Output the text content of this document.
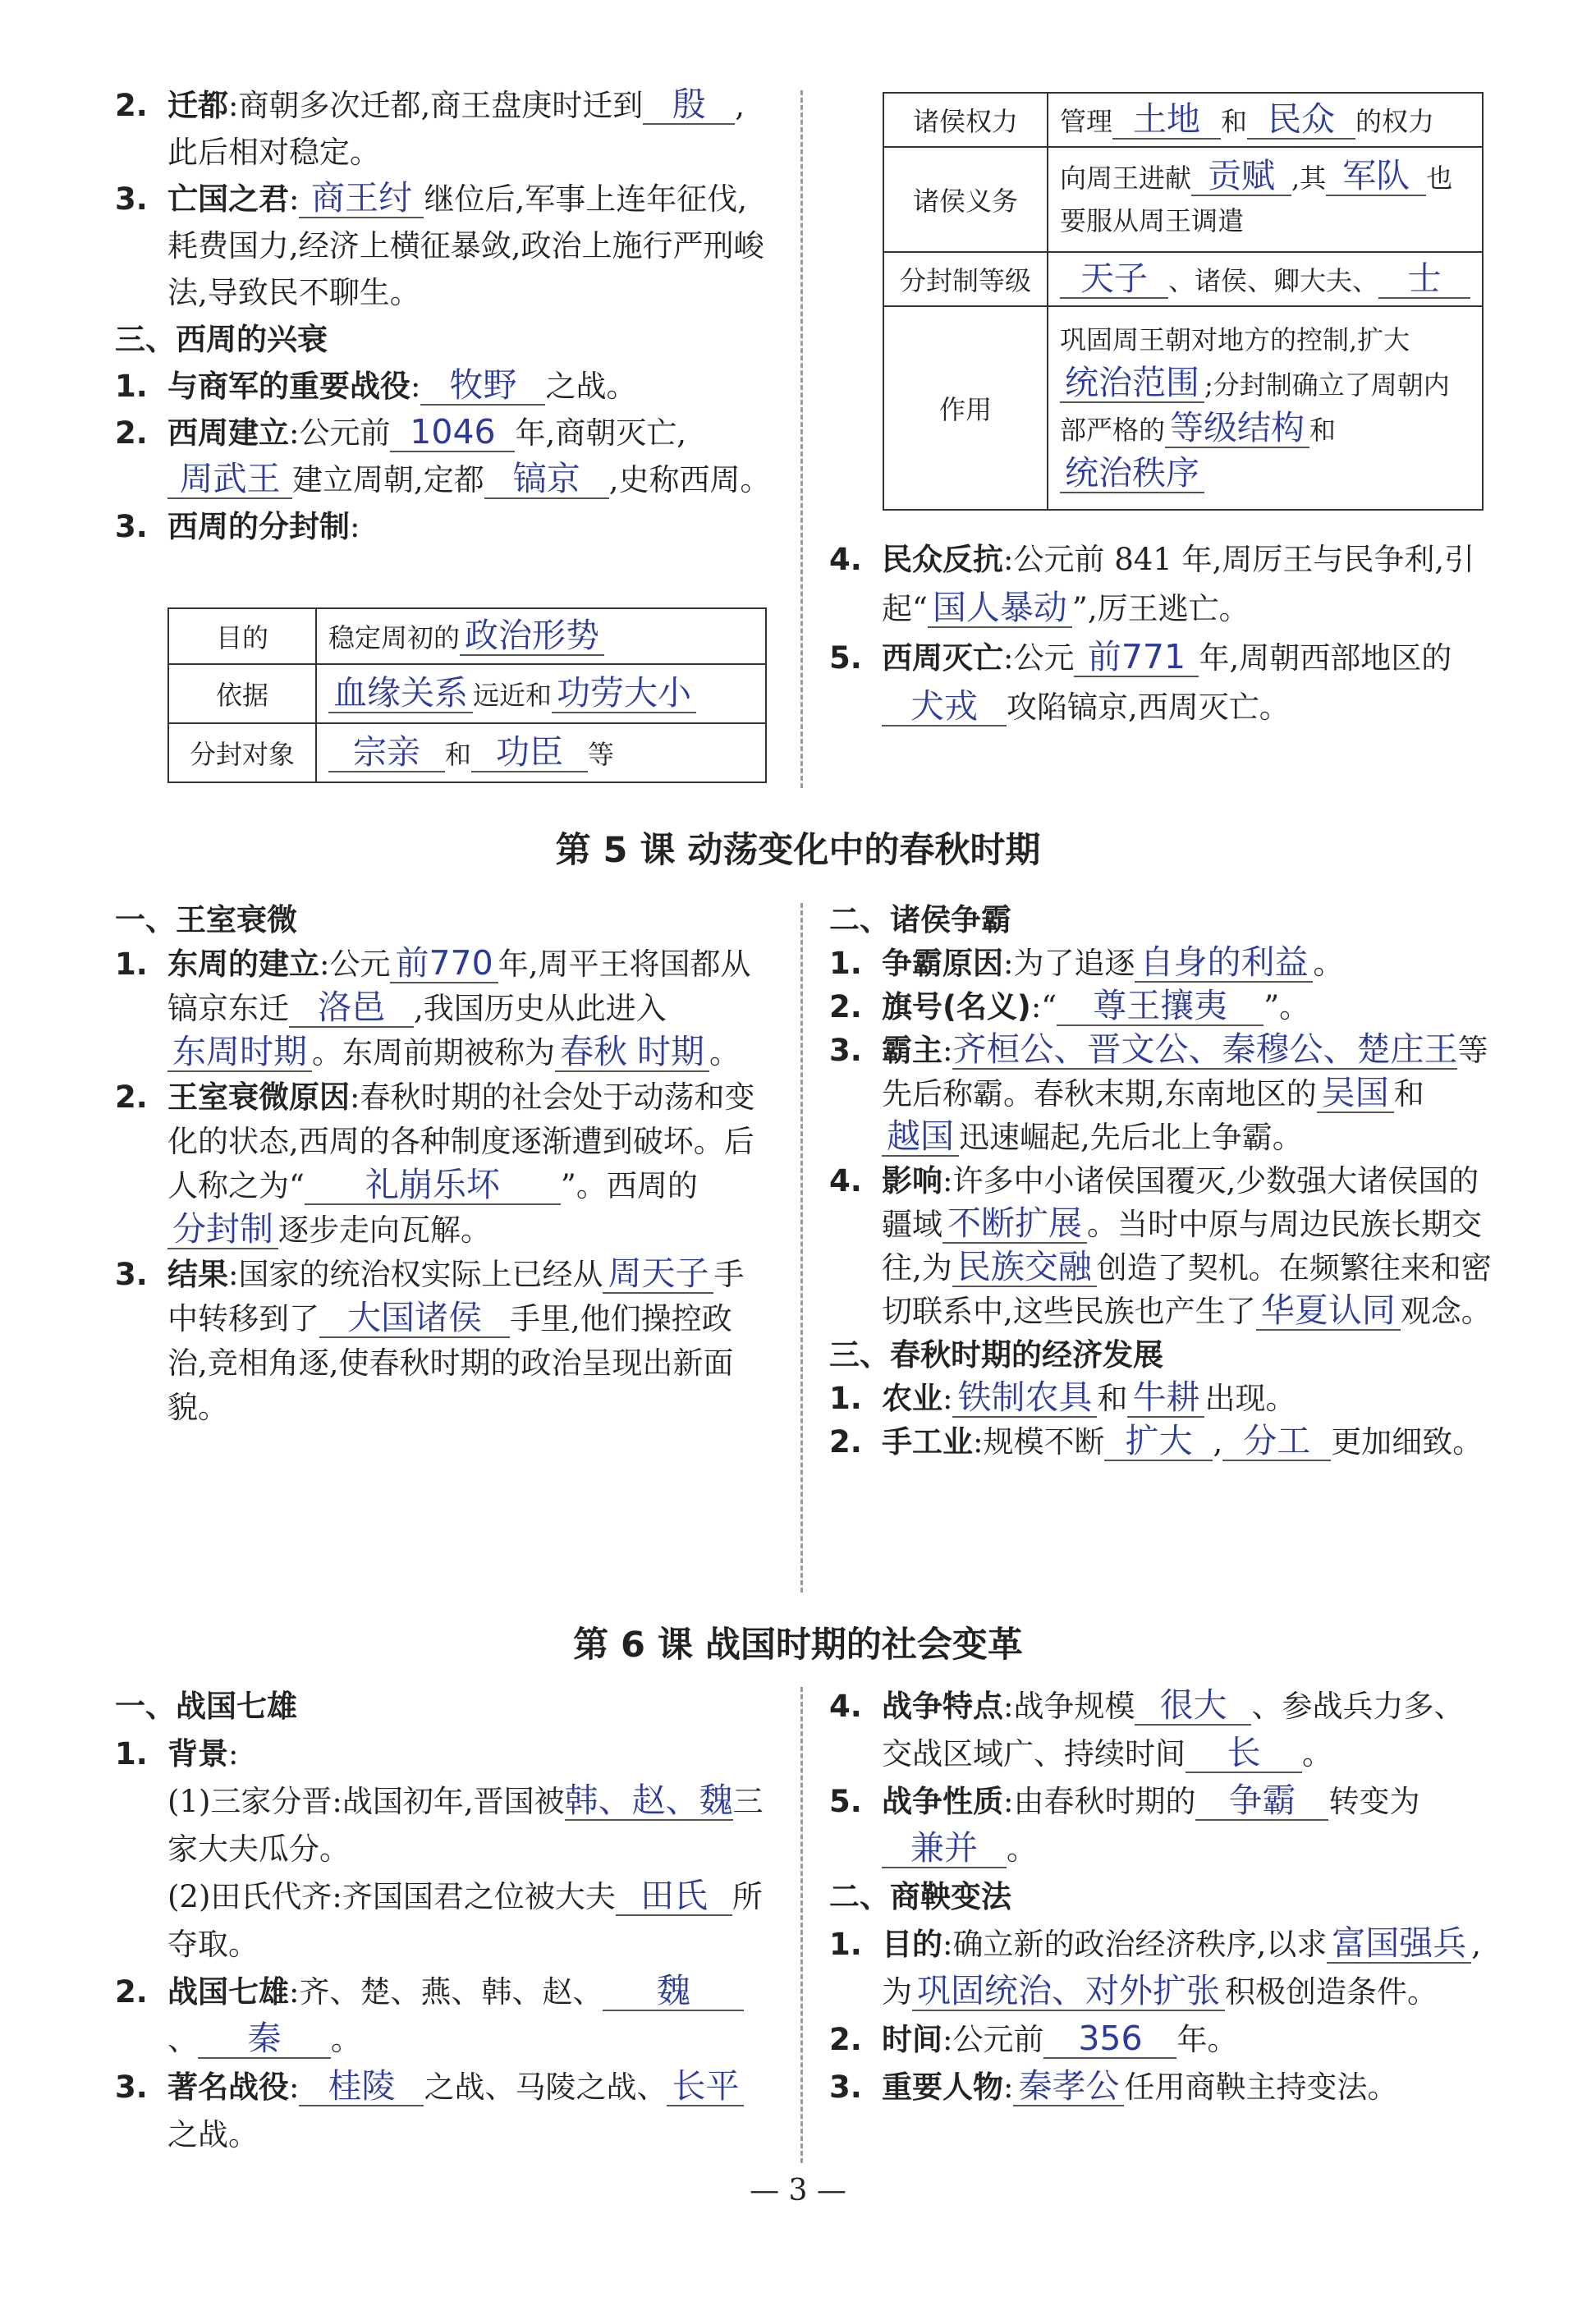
2. 迁都:商朝多次迁都,商王盘庚时迁到 殷 ,此后相对稳定。

3. 亡国之君: 商王纣 继位后,军事上连年征伐,耗费国力,经济上横征暴敛,政治上施行严刑峻法,导致民不聊生。

三、西周的兴衰

1. 与商军的重要战役: 牧野 之战。

2. 西周建立:公元前 1046 年,商朝灭亡,周武王 建立周朝,定都 镐京 ,史称西周。

3. 西周的分封制:

目的	稳定周初的 政治形势
依据	血缘关系 远近和 功劳大小
分封对象	宗亲 和 功臣 等
诸侯权力	管理 土地 和 民众 的权力
诸侯义务	向周王进献 贡赋 ,其 军队 也要服从周王调遣
分封制等级	天子 、诸侯、卿大夫、 士
作用	巩固周王朝对地方的控制,扩大统治范围 ;分封制确立了周朝内部严格的 等级结构 和统治秩序

4. 民众反抗:公元前 841 年,周厉王与民争利,引起“ 国人暴动 ”,厉王逃亡。

5. 西周灭亡:公元 前771 年,周朝西部地区的犬戎 攻陷镐京,西周灭亡。

第 5 课 动荡变化中的春秋时期

一、王室衰微

1. 东周的建立:公元 前770 年,周平王将国都从镐京东迁 洛邑 ,我国历史从此进入东周时期 。东周前期被称为 春秋 时期 。

2. 王室衰微原因:春秋时期的社会处于动荡和变化的状态,西周的各种制度逐渐遭到破坏。后人称之为“ 礼崩乐坏 ”。西周的分封制 逐步走向瓦解。

3. 结果:国家的统治权实际上已经从 周天子 手中转移到了 大国诸侯 手里,他们操控政治,竞相角逐,使春秋时期的政治呈现出新面貌。

二、诸侯争霸

1. 争霸原因:为了追逐 自身的利益 。

2. 旗号(名义):“ 尊王攘夷 ”。

3. 霸主:齐桓公、晋文公、秦穆公、楚庄王等先后称霸。春秋末期,东南地区的 吴国 和越国 迅速崛起,先后北上争霸。

4. 影响:许多中小诸侯国覆灭,少数强大诸侯国的疆域 不断扩展 。当时中原与周边民族长期交往,为 民族交融 创造了契机。在频繁往来和密切联系中,这些民族也产生了 华夏认同 观念。

三、春秋时期的经济发展

1. 农业: 铁制农具 和 牛耕 出现。

2. 手工业:规模不断 扩大 , 分工 更加细致。

第 6 课 战国时期的社会变革

一、战国七雄

1. 背景:

(1)三家分晋:战国初年,晋国被韩、赵、魏三家大夫瓜分。

(2)田氏代齐:齐国国君之位被大夫 田氏 所夺取。

2. 战国七雄:齐、楚、燕、韩、赵、 魏、 秦 。

3. 著名战役: 桂陵 之战、马陵之战、 长平之战。

4. 战争特点:战争规模 很大 、参战兵力多、交战区域广、持续时间 长 。

5. 战争性质:由春秋时期的 争霸 转变为兼并 。

二、商鞅变法

1. 目的:确立新的政治经济秩序,以求 富国强兵 ,为 巩固统治、对外扩张 积极创造条件。

2. 时间:公元前 356 年。

3. 重要人物: 秦孝公 任用商鞅主持变法。

— 3 —
